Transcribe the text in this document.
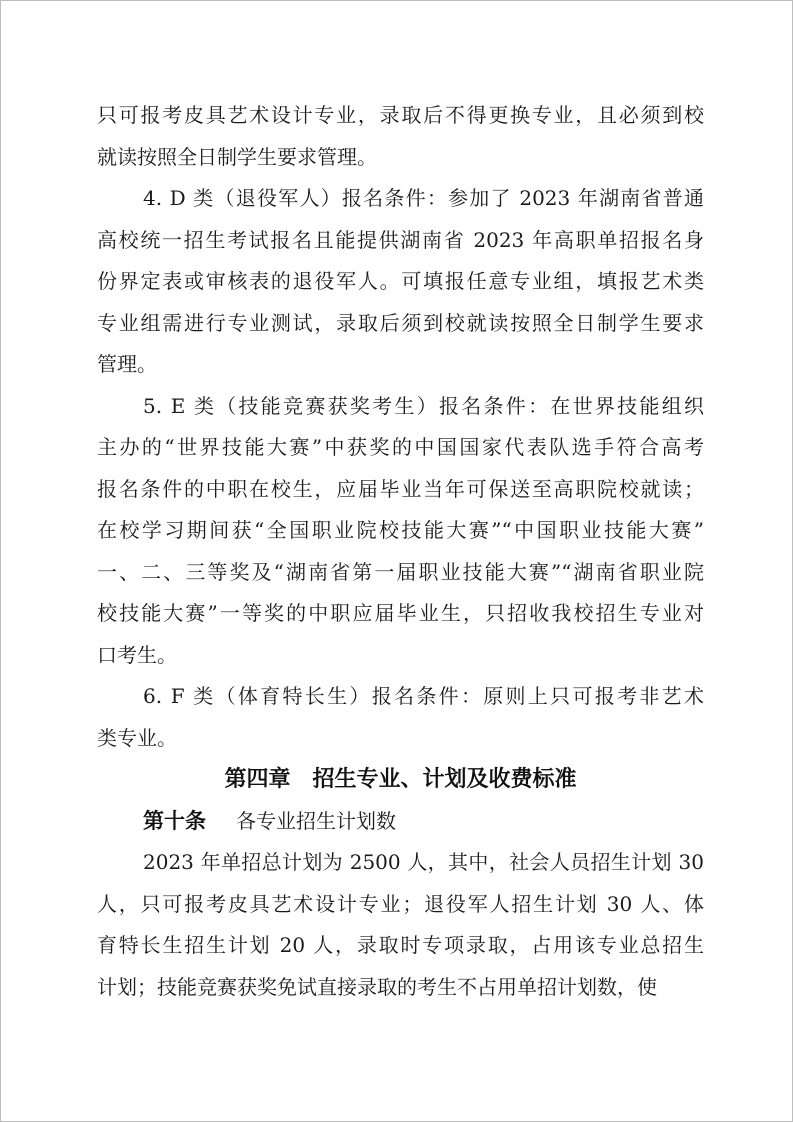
只可报考皮具艺术设计专业，录取后不得更换专业，且必须到校
就读按照全日制学生要求管理。
4. D 类（退役军人）报名条件：参加了 2023 年湖南省普通
高校统一招生考试报名且能提供湖南省 2023 年高职单招报名身
份界定表或审核表的退役军人。可填报任意专业组，填报艺术类
专业组需进行专业测试，录取后须到校就读按照全日制学生要求
管理。
5. E 类（技能竞赛获奖考生）报名条件：在世界技能组织
主办的“世界技能大赛”中获奖的中国国家代表队选手符合高考
报名条件的中职在校生，应届毕业当年可保送至高职院校就读；
在校学习期间获“全国职业院校技能大赛”“中国职业技能大赛”
一、二、三等奖及“湖南省第一届职业技能大赛”“湖南省职业院
校技能大赛”一等奖的中职应届毕业生，只招收我校招生专业对
口考生。
6. F 类（体育特长生）报名条件：原则上只可报考非艺术
类专业。
第四章 招生专业、计划及收费标准
第十条 各专业招生计划数
2023 年单招总计划为 2500 人，其中，社会人员招生计划 30
人，只可报考皮具艺术设计专业；退役军人招生计划 30 人、体
育特长生招生计划 20 人，录取时专项录取，占用该专业总招生
计划；技能竞赛获奖免试直接录取的考生不占用单招计划数，使
